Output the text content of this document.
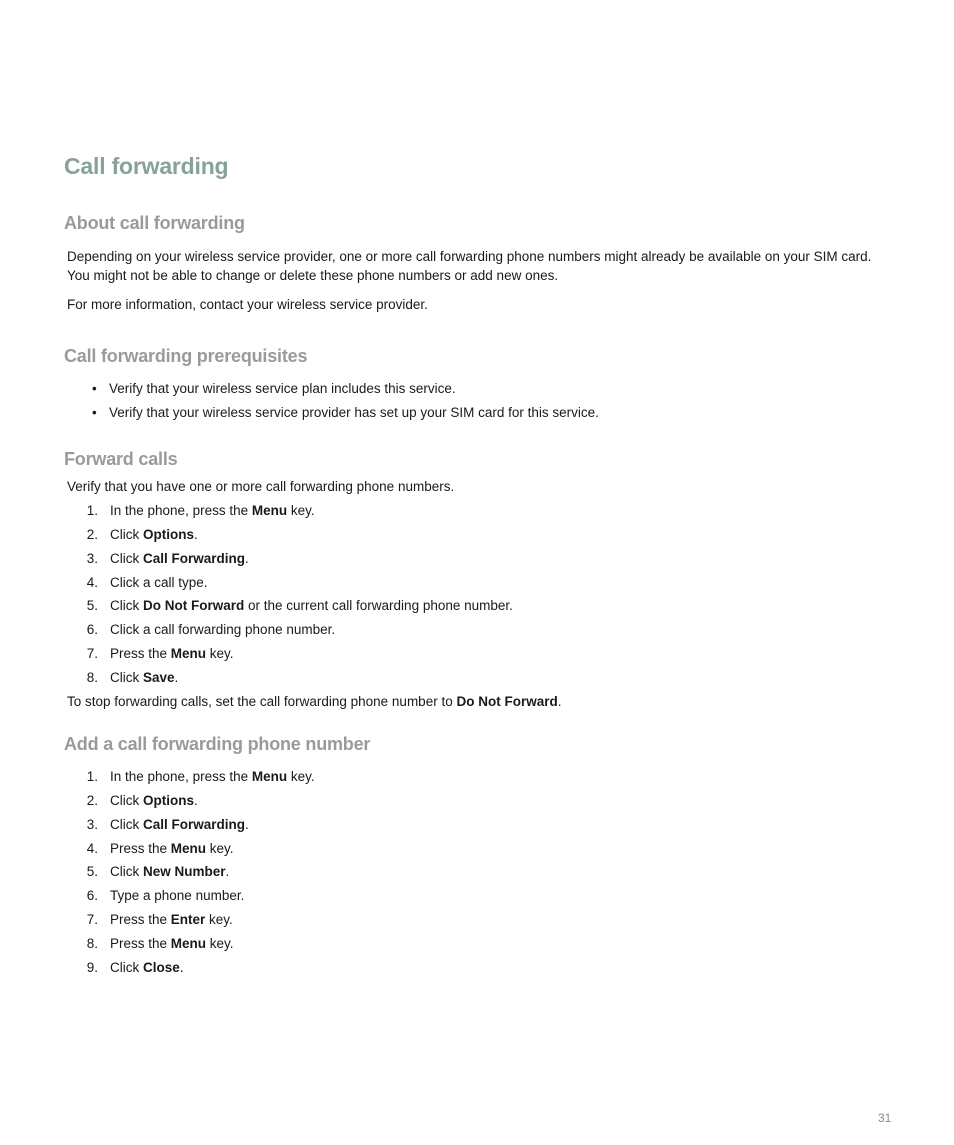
Call forwarding
About call forwarding

Depending on your wireless service provider, one or more call forwarding phone numbers might already be available on your SIM card.

You might not be able to change or delete these phone numbers or add new ones.

For more information, contact your wireless service provider.

Call forwarding prerequisites
• Verify that your wireless service plan includes this service.
• Verify that your wireless service provider has set up your SIM card for this service.
Forward calls

Verify that you have one or more call forwarding phone numbers.

1. In the phone, press the Menu key.
2. Click Options.
3. Click Call Forwarding.
4. Click a call type.
5. Click Do Not Forward or the current call forwarding phone number.
6. Click a call forwarding phone number.
7. Press the Menu key.
8. Click Save.

To stop forwarding calls, set the call forwarding phone number to Do Not Forward.

Add a call forwarding phone number
1. In the phone, press the Menu key.
2. Click Options.
3. Click Call Forwarding.
4. Press the Menu key.
5. Click New Number.
6. Type a phone number.
7. Press the Enter key.
8. Press the Menu key.
9. Click Close.
31
